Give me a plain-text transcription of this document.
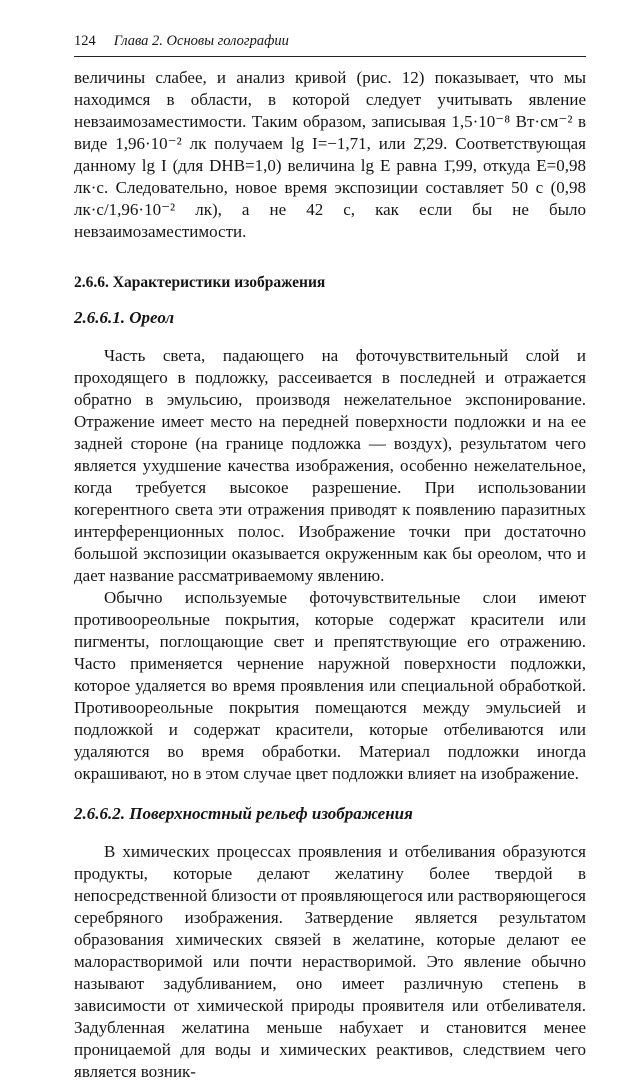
124 Глава 2. Основы голографии

величины слабее, и анализ кривой (рис. 12) показывает, что мы находимся в области, в которой следует учитывать явление невзаимозаместимости. Таким образом, записывая 1,5·10⁻⁸ Вт·см⁻² в виде 1,96·10⁻² лк получаем lg I=−1,71, или 2̄,29. Соответствующая данному lg I (для DНВ=1,0) величина lg E равна 1̄,99, откуда E=0,98 лк·с. Следовательно, новое время экспозиции составляет 50 с (0,98 лк·с/1,96·10⁻² лк), а не 42 с, как если бы не было невзаимозаместимости.

2.6.6. Характеристики изображения
2.6.6.1. Ореол

Часть света, падающего на фоточувствительный слой и проходящего в подложку, рассеивается в последней и отражается обратно в эмульсию, производя нежелательное экспонирование. Отражение имеет место на передней поверхности подложки и на ее задней стороне (на границе подложка — воздух), результатом чего является ухудшение качества изображения, особенно нежелательное, когда требуется высокое разрешение. При использовании когерентного света эти отражения приводят к появлению паразитных интерференционных полос. Изображение точки при достаточно большой экспозиции оказывается окруженным как бы ореолом, что и дает название рассматриваемому явлению.

Обычно используемые фоточувствительные слои имеют противоореольные покрытия, которые содержат красители или пигменты, поглощающие свет и препятствующие его отражению. Часто применяется чернение наружной поверхности подложки, которое удаляется во время проявления или специальной обработкой. Противоореольные покрытия помещаются между эмульсией и подложкой и содержат красители, которые отбеливаются или удаляются во время обработки. Материал подложки иногда окрашивают, но в этом случае цвет подложки влияет на изображение.

2.6.6.2. Поверхностный рельеф изображения

В химических процессах проявления и отбеливания образуются продукты, которые делают желатину более твердой в непосредственной близости от проявляющегося или растворяющегося серебряного изображения. Затвердение является результатом образования химических связей в желатине, которые делают ее малорастворимой или почти нерастворимой. Это явление обычно называют задубливанием, оно имеет различную степень в зависимости от химической природы проявителя или отбеливателя. Задубленная желатина меньше набухает и становится менее проницаемой для воды и химических реактивов, следствием чего является возник-
